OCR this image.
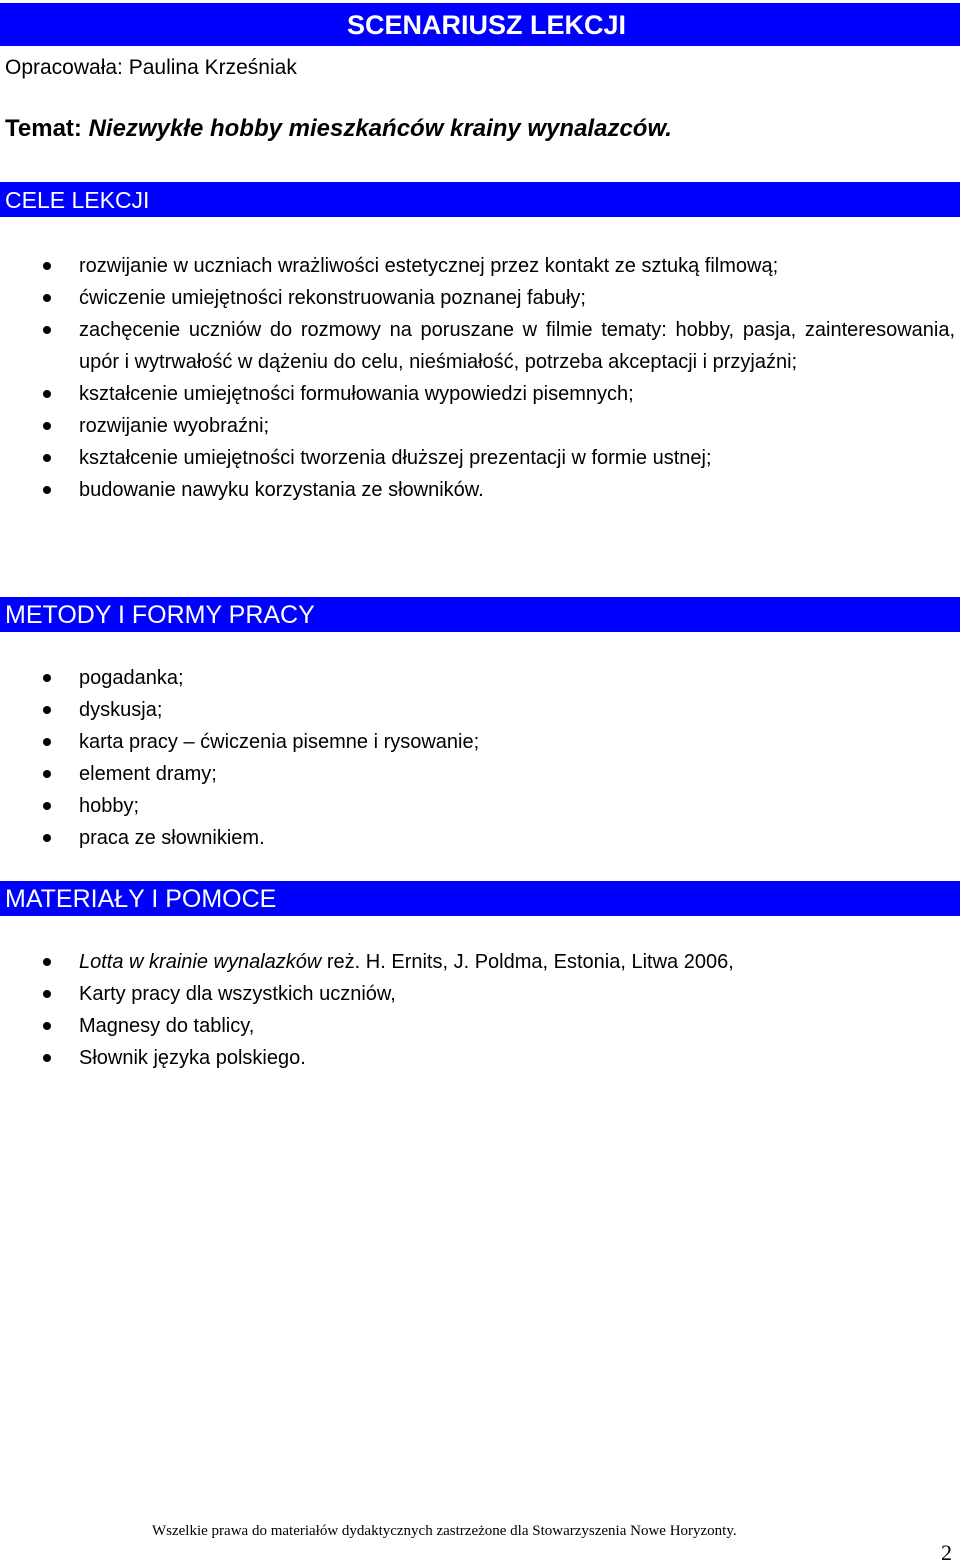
SCENARIUSZ LEKCJI
Opracowała: Paulina Krześniak
Temat: Niezwykłe hobby mieszkańców krainy wynalazców.
CELE LEKCJI
rozwijanie w uczniach wrażliwości estetycznej przez kontakt ze sztuką filmową;
ćwiczenie umiejętności rekonstruowania poznanej fabuły;
zachęcenie uczniów do rozmowy na poruszane w filmie tematy: hobby, pasja, zainteresowania, upór i wytrwałość w dążeniu do celu, nieśmiałość, potrzeba akceptacji i przyjaźni;
kształcenie umiejętności formułowania wypowiedzi pisemnych;
rozwijanie wyobraźni;
kształcenie umiejętności tworzenia dłuższej prezentacji w formie ustnej;
budowanie nawyku korzystania ze słowników.
METODY I FORMY PRACY
pogadanka;
dyskusja;
karta pracy – ćwiczenia pisemne i rysowanie;
element dramy;
hobby;
praca ze słownikiem.
MATERIAŁY I POMOCE
Lotta w krainie wynalazków reż. H. Ernits, J. Poldma, Estonia, Litwa 2006,
Karty pracy dla wszystkich uczniów,
Magnesy do tablicy,
Słownik języka polskiego.
Wszelkie prawa do materiałów dydaktycznych zastrzeżone dla Stowarzyszenia Nowe Horyzonty.
2
